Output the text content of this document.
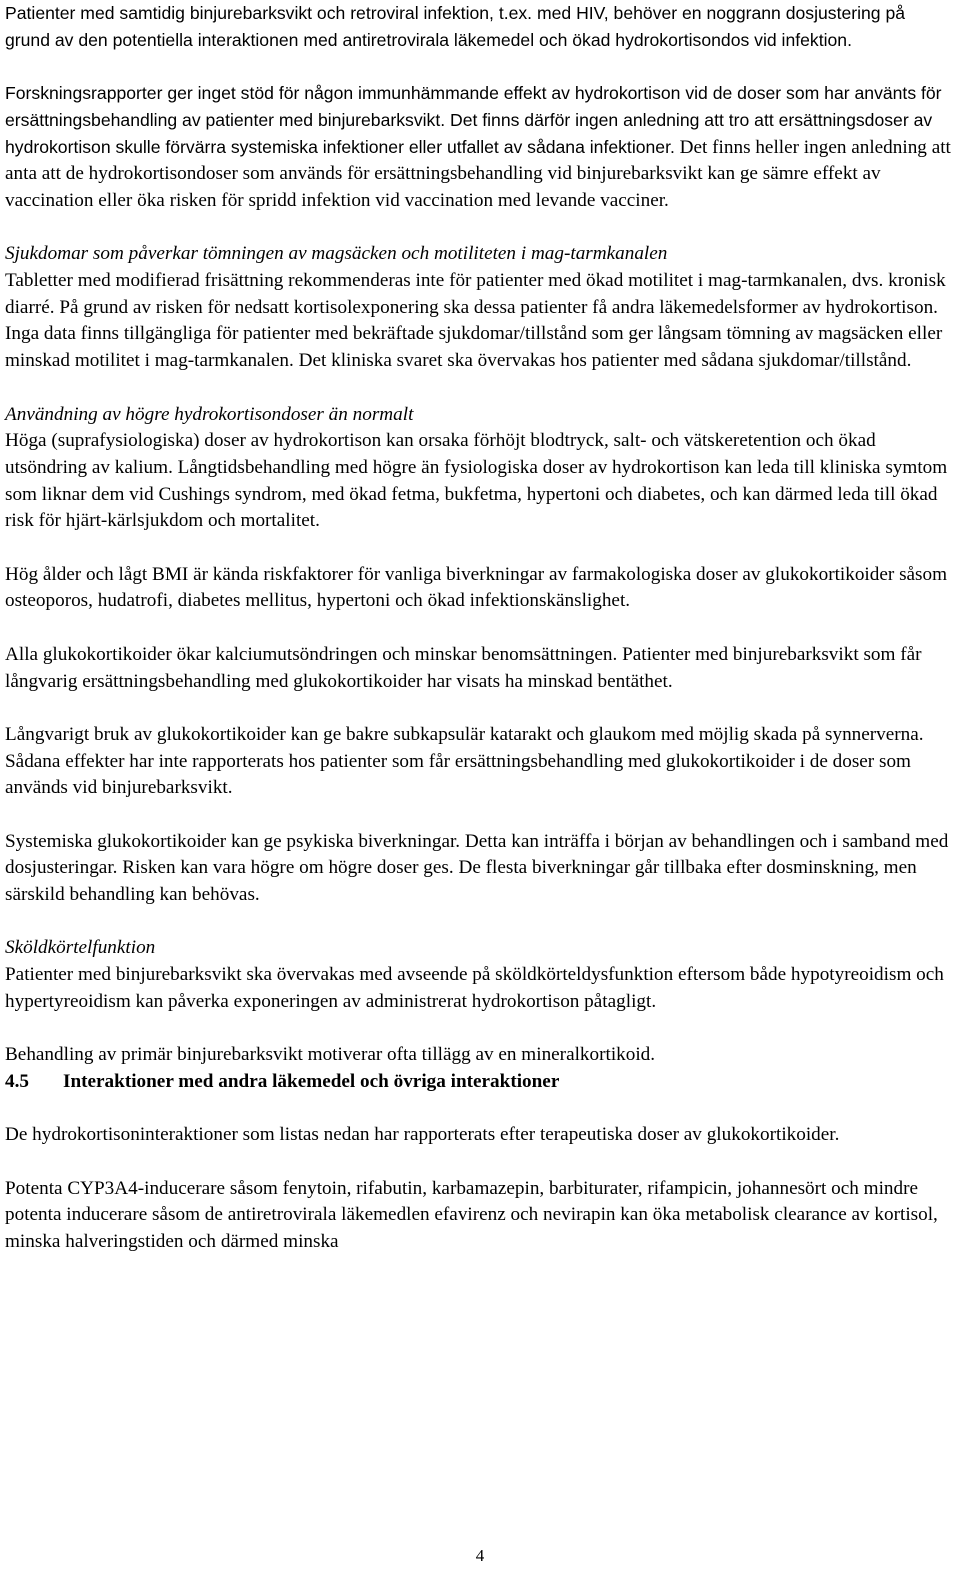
Patienter med samtidig binjurebarksvikt och retroviral infektion, t.ex. med HIV, behöver en noggrann dosjustering på grund av den potentiella interaktionen med antiretrovirala läkemedel och ökad hydrokortisondos vid infektion.

Forskningsrapporter ger inget stöd för någon immunhämmande effekt av hydrokortison vid de doser som har använts för ersättningsbehandling av patienter med binjurebarksvikt. Det finns därför ingen anledning att tro att ersättningsdoser av hydrokortison skulle förvärra systemiska infektioner eller utfallet av sådana infektioner. Det finns heller ingen anledning att anta att de hydrokortisondoser som används för ersättningsbehandling vid binjurebarksvikt kan ge sämre effekt av vaccination eller öka risken för spridd infektion vid vaccination med levande vacciner.

Sjukdomar som påverkar tömningen av magsäcken och motiliteten i mag-tarmkanalen
Tabletter med modifierad frisättning rekommenderas inte för patienter med ökad motilitet i mag-tarmkanalen, dvs. kronisk diarré. På grund av risken för nedsatt kortisolexponering ska dessa patienter få andra läkemedelsformer av hydrokortison. Inga data finns tillgängliga för patienter med bekräftade sjukdomar/tillstånd som ger långsam tömning av magsäcken eller minskad motilitet i mag-tarmkanalen. Det kliniska svaret ska övervakas hos patienter med sådana sjukdomar/tillstånd.
Användning av högre hydrokortisondoser än normalt
Höga (suprafysiologiska) doser av hydrokortison kan orsaka förhöjt blodtryck, salt- och vätskeretention och ökad utsöndring av kalium. Långtidsbehandling med högre än fysiologiska doser av hydrokortison kan leda till kliniska symtom som liknar dem vid Cushings syndrom, med ökad fetma, bukfetma, hypertoni och diabetes, och kan därmed leda till ökad risk för hjärt-kärlsjukdom och mortalitet.

Hög ålder och lågt BMI är kända riskfaktorer för vanliga biverkningar av farmakologiska doser av glukokortikoider såsom osteoporos, hudatrofi, diabetes mellitus, hypertoni och ökad infektionskänslighet.

Alla glukokortikoider ökar kalciumutsöndringen och minskar benomsättningen. Patienter med binjurebarksvikt som får långvarig ersättningsbehandling med glukokortikoider har visats ha minskad bentäthet.

Långvarigt bruk av glukokortikoider kan ge bakre subkapsulär katarakt och glaukom med möjlig skada på synnerverna. Sådana effekter har inte rapporterats hos patienter som får ersättningsbehandling med glukokortikoider i de doser som används vid binjurebarksvikt.

Systemiska glukokortikoider kan ge psykiska biverkningar. Detta kan inträffa i början av behandlingen och i samband med dosjusteringar. Risken kan vara högre om högre doser ges. De flesta biverkningar går tillbaka efter dosminskning, men särskild behandling kan behövas.

Sköldkörtelfunktion
Patienter med binjurebarksvikt ska övervakas med avseende på sköldkörteldysfunktion eftersom både hypotyreoidism och hypertyreoidism kan påverka exponeringen av administrerat hydrokortison påtagligt.

Behandling av primär binjurebarksvikt motiverar ofta tillägg av en mineralkortikoid.

4.5 Interaktioner med andra läkemedel och övriga interaktioner

De hydrokortisoninteraktioner som listas nedan har rapporterats efter terapeutiska doser av glukokortikoider.

Potenta CYP3A4-inducerare såsom fenytoin, rifabutin, karbamazepin, barbiturater, rifampicin, johannesört och mindre potenta inducerare såsom de antiretrovirala läkemedlen efavirenz och nevirapin kan öka metabolisk clearance av kortisol, minska halveringstiden och därmed minska

4
